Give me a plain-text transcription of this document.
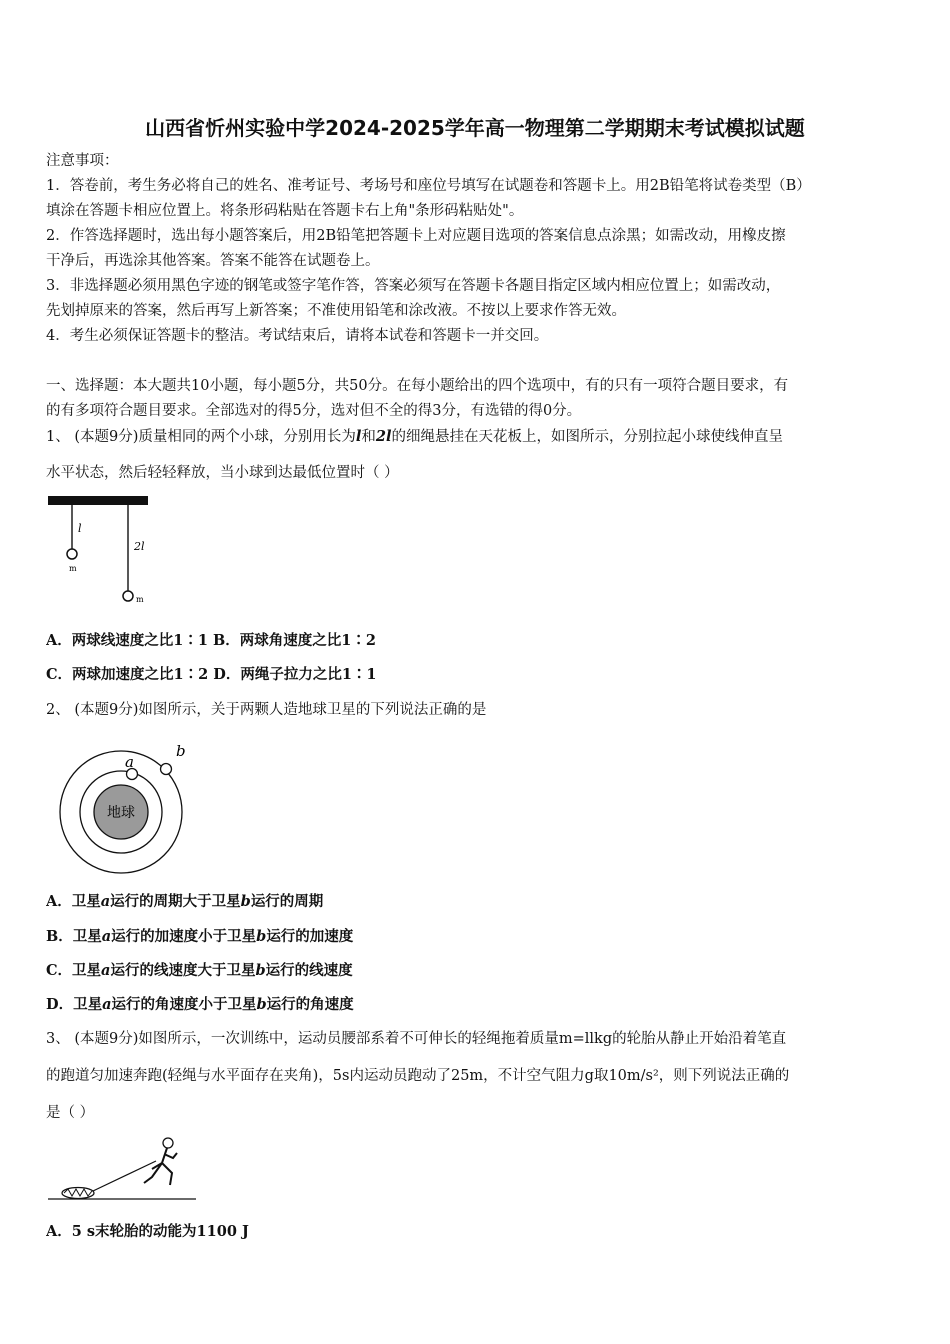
山西省忻州实验中学2024-2025学年高一物理第二学期期末考试模拟试题
注意事项：
1．答卷前，考生务必将自己的姓名、准考证号、考场号和座位号填写在试题卷和答题卡上。用2B铅笔将试卷类型（B）
填涂在答题卡相应位置上。将条形码粘贴在答题卡右上角"条形码粘贴处"。
2．作答选择题时，选出每小题答案后，用2B铅笔把答题卡上对应题目选项的答案信息点涂黑；如需改动，用橡皮擦
干净后，再选涂其他答案。答案不能答在试题卷上。
3．非选择题必须用黑色字迹的钢笔或签字笔作答，答案必须写在答题卡各题目指定区域内相应位置上；如需改动，
先划掉原来的答案，然后再写上新答案；不准使用铅笔和涂改液。不按以上要求作答无效。
4．考生必须保证答题卡的整洁。考试结束后，请将本试卷和答题卡一并交回。
一、选择题：本大题共10小题，每小题5分，共50分。在每小题给出的四个选项中，有的只有一项符合题目要求，有
的有多项符合题目要求。全部选对的得5分，选对但不全的得3分，有选错的得0分。
1、 (本题9分)质量相同的两个小球，分别用长为l和2l的细绳悬挂在天花板上，如图所示，分别拉起小球使线伸直呈
水平状态，然后轻轻释放，当小球到达最低位置时（ ）
l
2l
m
m
A．两球线速度之比1∶1 B．两球角速度之比1∶2
C．两球加速度之比1∶2 D．两绳子拉力之比1∶1
2、 (本题9分)如图所示，关于两颗人造地球卫星的下列说法正确的是
地球
a
b
A．卫星a运行的周期大于卫星b运行的周期
B．卫星a运行的加速度小于卫星b运行的加速度
C．卫星a运行的线速度大于卫星b运行的线速度
D．卫星a运行的角速度小于卫星b运行的角速度
3、 (本题9分)如图所示，一次训练中，运动员腰部系着不可伸长的轻绳拖着质量m=llkg的轮胎从静止开始沿着笔直
的跑道匀加速奔跑(轻绳与水平面存在夹角)，5s内运动员跑动了25m，不计空气阻力g取10m/s²，则下列说法正确的
是（ ）
A．5 s末轮胎的动能为1100 J
